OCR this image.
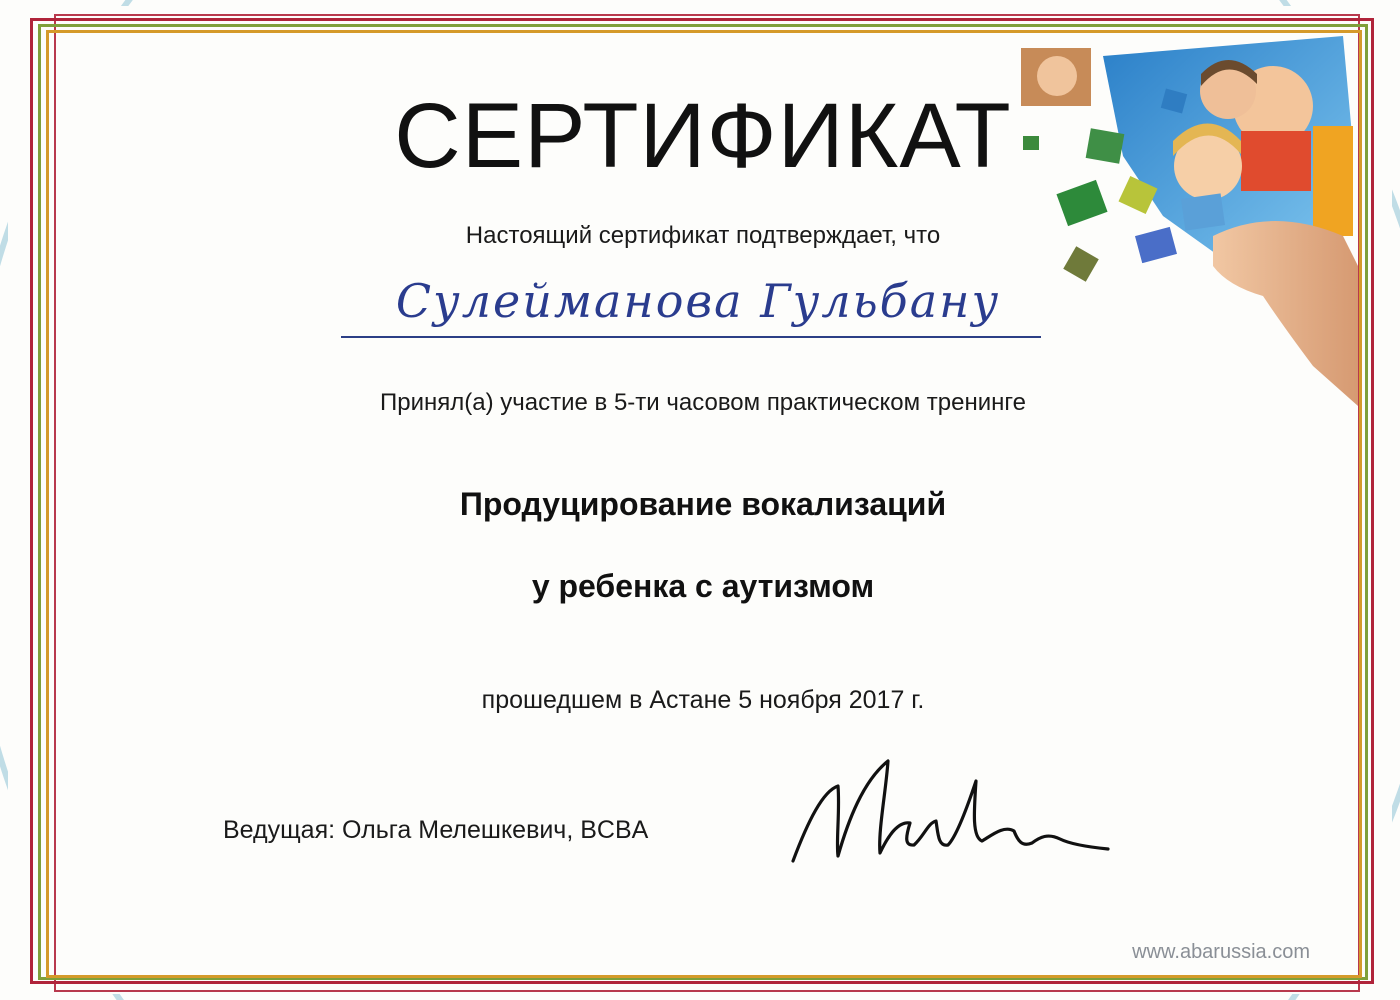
СЕРТИФИКАТ
Настоящий сертификат подтверждает, что
Сулейманова Гульбану
Принял(а) участие в 5-ти часовом практическом тренинге
Продуцирование вокализаций
у ребенка с аутизмом
прошедшем в Астане 5 ноября 2017 г.
Ведущая: Ольга Мелешкевич, BCBA
www.abarussia.com
